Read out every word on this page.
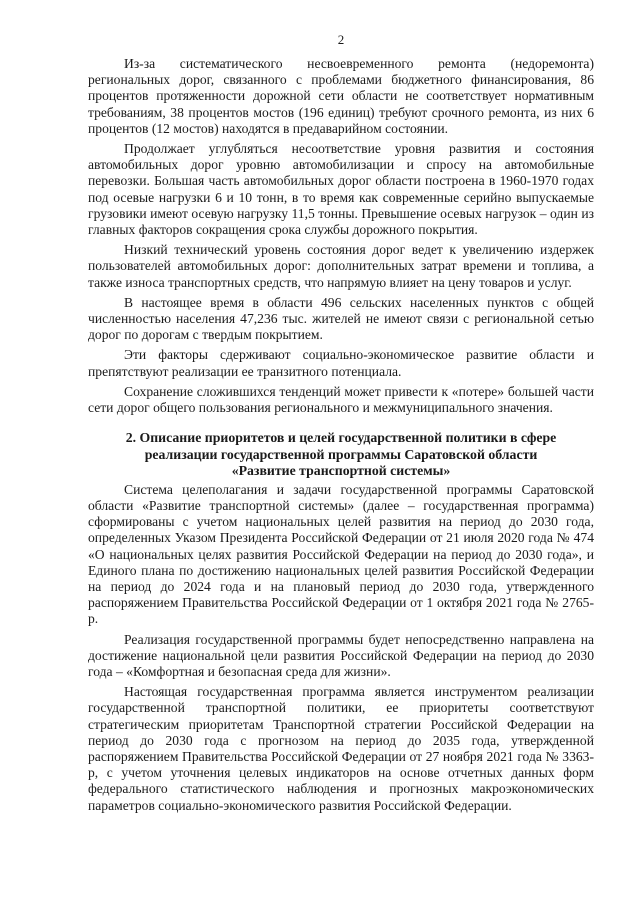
2

Из-за систематического несвоевременного ремонта (недоремонта) региональных дорог, связанного с проблемами бюджетного финансирования, 86 процентов протяженности дорожной сети области не соответствует нормативным требованиям, 38 процентов мостов (196 единиц) требуют срочного ремонта, из них 6 процентов (12 мостов) находятся в предаварийном состоянии.

Продолжает углубляться несоответствие уровня развития и состояния автомобильных дорог уровню автомобилизации и спросу на автомобильные перевозки. Большая часть автомобильных дорог области построена в 1960-1970 годах под осевые нагрузки 6 и 10 тонн, в то время как современные серийно выпускаемые грузовики имеют осевую нагрузку 11,5 тонны. Превышение осевых нагрузок – один из главных факторов сокращения срока службы дорожного покрытия.

Низкий технический уровень состояния дорог ведет к увеличению издержек пользователей автомобильных дорог: дополнительных затрат времени и топлива, а также износа транспортных средств, что напрямую влияет на цену товаров и услуг.

В настоящее время в области 496 сельских населенных пунктов с общей численностью населения 47,236 тыс. жителей не имеют связи с региональной сетью дорог по дорогам с твердым покрытием.

Эти факторы сдерживают социально-экономическое развитие области и препятствуют реализации ее транзитного потенциала.

Сохранение сложившихся тенденций может привести к «потере» большей части сети дорог общего пользования регионального и межмуниципального значения.

2. Описание приоритетов и целей государственной политики в сфере
реализации государственной программы Саратовской области
«Развитие транспортной системы»

Система целеполагания и задачи государственной программы Саратовской области «Развитие транспортной системы» (далее – государственная программа) сформированы с учетом национальных целей развития на период до 2030 года, определенных Указом Президента Российской Федерации от 21 июля 2020 года № 474 «О национальных целях развития Российской Федерации на период до 2030 года», и Единого плана по достижению национальных целей развития Российской Федерации на период до 2024 года и на плановый период до 2030 года, утвержденного распоряжением Правительства Российской Федерации от 1 октября 2021 года № 2765-р.

Реализация государственной программы будет непосредственно направлена на достижение национальной цели развития Российской Федерации на период до 2030 года – «Комфортная и безопасная среда для жизни».

Настоящая государственная программа является инструментом реализации государственной транспортной политики, ее приоритеты соответствуют стратегическим приоритетам Транспортной стратегии Российской Федерации на период до 2030 года с прогнозом на период до 2035 года, утвержденной распоряжением Правительства Российской Федерации от 27 ноября 2021 года № 3363-р, с учетом уточнения целевых индикаторов на основе отчетных данных форм федерального статистического наблюдения и прогнозных макроэкономических параметров социально-экономического развития Российской Федерации.
